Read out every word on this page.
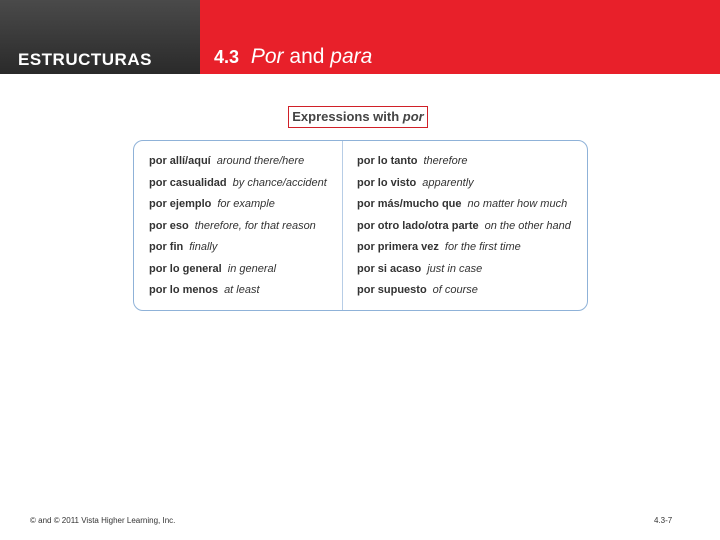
ESTRUCTURAS	4.3 Por and para
Expressions with por
por allí/aquí around there/here
por casualidad by chance/accident
por ejemplo for example
por eso therefore, for that reason
por fin finally
por lo general in general
por lo menos at least
por lo tanto therefore
por lo visto apparently
por más/mucho que no matter how much
por otro lado/otra parte on the other hand
por primera vez for the first time
por si acaso just in case
por supuesto of course
© and © 2011 Vista Higher Learning, Inc.	4.3-7
